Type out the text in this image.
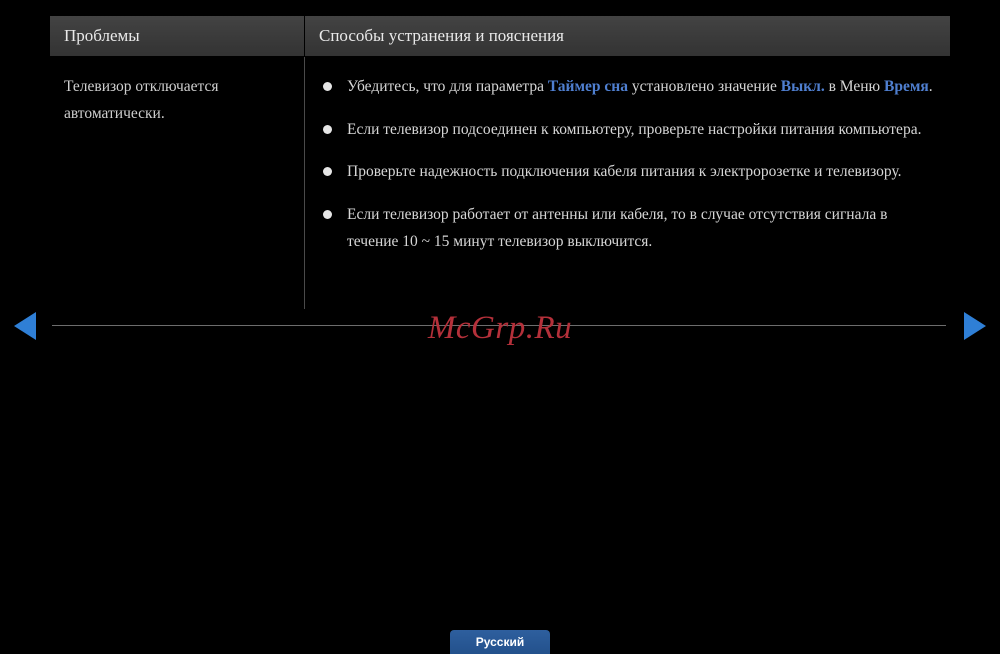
Проблемы	Способы устранения и пояснения
Телевизор отключается автоматически.
Убедитесь, что для параметра Таймер сна установлено значение Выкл. в Меню Время.
Если телевизор подсоединен к компьютеру, проверьте настройки питания компьютера.
Проверьте надежность подключения кабеля питания к электророзетке и телевизору.
Если телевизор работает от антенны или кабеля, то в случае отсутствия сигнала в течение 10 ~ 15 минут телевизор выключится.
McGrp.Ru
Русский
